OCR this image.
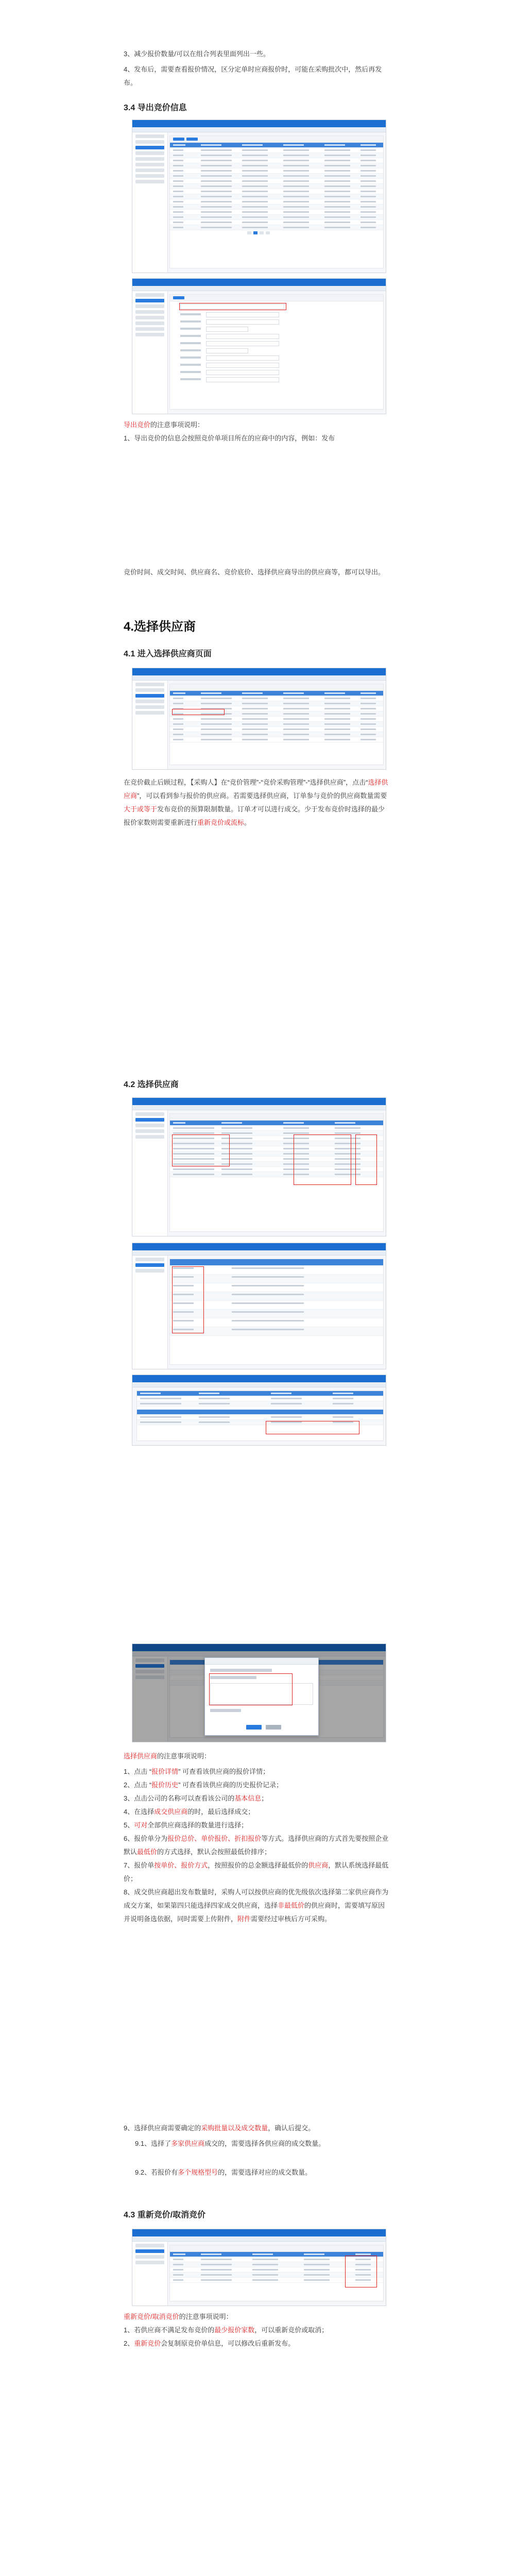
3、减少报价数量/可以在组合列表里面列出一些。

4、发布后，需要查看报价情况，区分定单时应商报价时，可能在采购批次中，然后再发布。

3.4 导出竞价信息

导出竞价的注意事项说明：

1、导出竞价的信息会按照竞价单项目所在的应商中的内容，例如：发布

竞价时间、成交时间、供应商名、竞价底价、选择供应商导出的供应商等，都可以导出。

4.选择供应商
4.1 进入选择供应商页面

在竞价截止后顾过程，【采购人】在“竞价管理”-“竞价采购管理”-“选择供应商”，点击“选择供应商”，可以看到参与报价的供应商。若需要选择供应商，订单参与竞价的供应商数量需要大于或等于发布竞价的预算限制数量。订单才可以进行成交。少于发布竞价时选择的最少报价家数则需要重新进行重新竞价或流标。

4.2 选择供应商

选择供应商的注意事项说明：

1、点击 “报价详情” 可查看该供应商的报价详情；

2、点击 “报价历史” 可查看该供应商的历史报价记录；

3、点击公司的名称可以查看该公司的基本信息；

4、在选择成交供应商的时，最后选择成交；

5、可对全部供应商选择的数量进行选择；

6、报价单分为报价总价、单价报价、折扣报价等方式。选择供应商的方式首先要按照企业默认最低价的方式选择，默认会按照最低价排序；

7、报价单按单价、报价方式，按照报价的总金额选择最低价的供应商，默认系统选择最低价；

8、成交供应商超出发布数量时，采购人可以按供应商的优先级依次选择第二家供应商作为成交方案，如果第四只能选择四家成交供应商，选择非最低价的供应商时，需要填写原因并说明备选依据，同时需要上传附件，附件需要经过审核后方可采购。

9、选择供应商需要确定的采购批量以及成交数量，确认后提交。

9.1、选择了多家供应商成交的，需要选择各供应商的成交数量。

9.2、若报价有多个规格型号的，需要选择对应的成交数量。

4.3 重新竞价/取消竞价

重新竞价/取消竞价的注意事项说明：

1、若供应商不满足发布竞价的最少报价家数，可以重新竞价或取消；

2、重新竞价会复制原竞价单信息，可以修改后重新发布。
